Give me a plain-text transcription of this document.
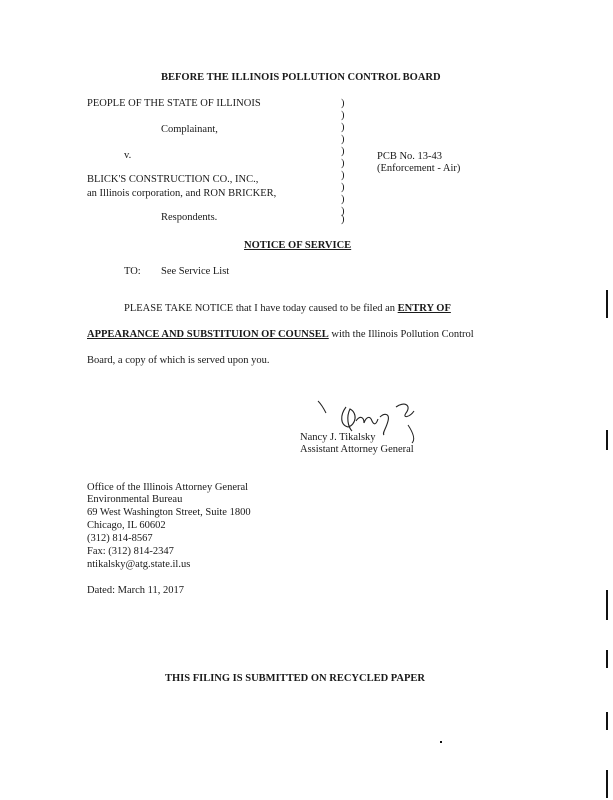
BEFORE THE ILLINOIS POLLUTION CONTROL BOARD
PEOPLE OF THE STATE OF ILLINOIS
Complainant,
v.
BLICK'S CONSTRUCTION CO., INC.,
an Illinois corporation, and RON BRICKER,
Respondents.
)
)
)
)
)
)
)
)
)
)
)
PCB No. 13-43
(Enforcement - Air)
NOTICE OF SERVICE
TO: See Service List
PLEASE TAKE NOTICE that I have today caused to be filed an ENTRY OF
APPEARANCE AND SUBSTITUION OF COUNSEL with the Illinois Pollution Control
Board, a copy of which is served upon you.
Nancy J. Tikalsky
Assistant Attorney General
Office of the Illinois Attorney General
Environmental Bureau
69 West Washington Street, Suite 1800
Chicago, IL 60602
(312) 814-8567
Fax: (312) 814-2347
ntikalsky@atg.state.il.us
Dated: March 11, 2017
THIS FILING IS SUBMITTED ON RECYCLED PAPER
